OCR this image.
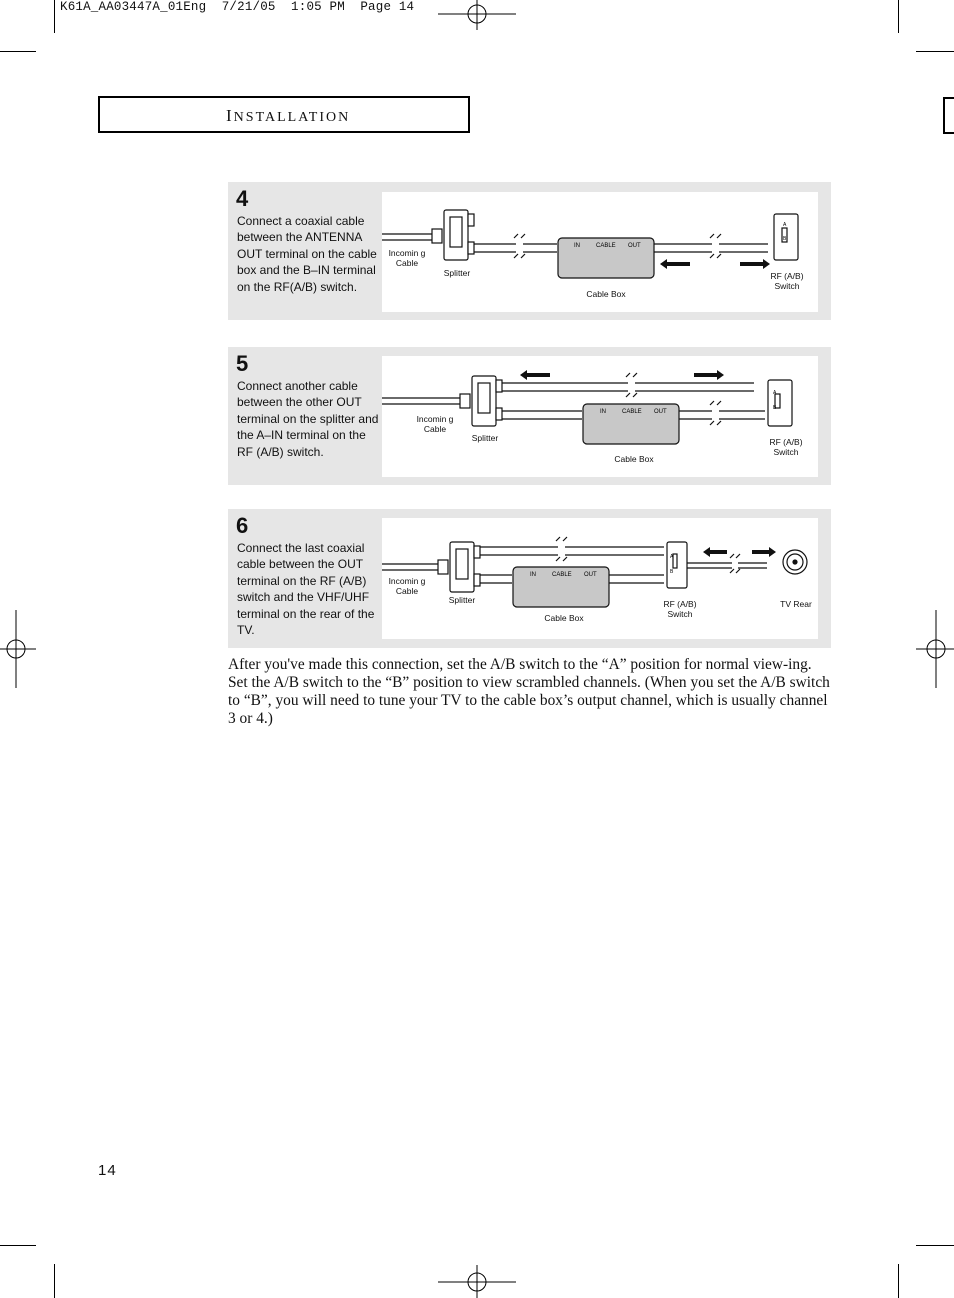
K61A_AA03447A_01Eng  7/21/05  1:05 PM  Page 14
INSTALLATION
4
Connect a coaxial cable between the ANTENNA OUT terminal on the cable box and the B–IN terminal on the RF(A/B) switch.
IN	CABLE OUT
A
B
Incomin g Cable
Splitter
Cable Box
RF (A/B) Switch
5
Connect another cable between the other OUT terminal on the splitter and the A–IN terminal on the RF (A/B) switch.
IN	CABLE OUT
A
B
Incomin g Cable
Splitter
Cable Box
RF (A/B) Switch
6
Connect the last coaxial cable between the OUT terminal on the RF (A/B) switch and the VHF/UHF terminal on the rear of the TV.
IN	CABLE OUT
A
B
Incomin g Cable
Splitter
Cable Box
RF (A/B) Switch
TV Rear
After you've made this connection, set the A/B switch to the “A” position for normal view-ing. Set the A/B switch to the “B” position to view scrambled channels. (When you set the A/B switch to “B”, you will need to tune your TV to the cable box’s output channel, which is usually channel 3 or 4.)
14
